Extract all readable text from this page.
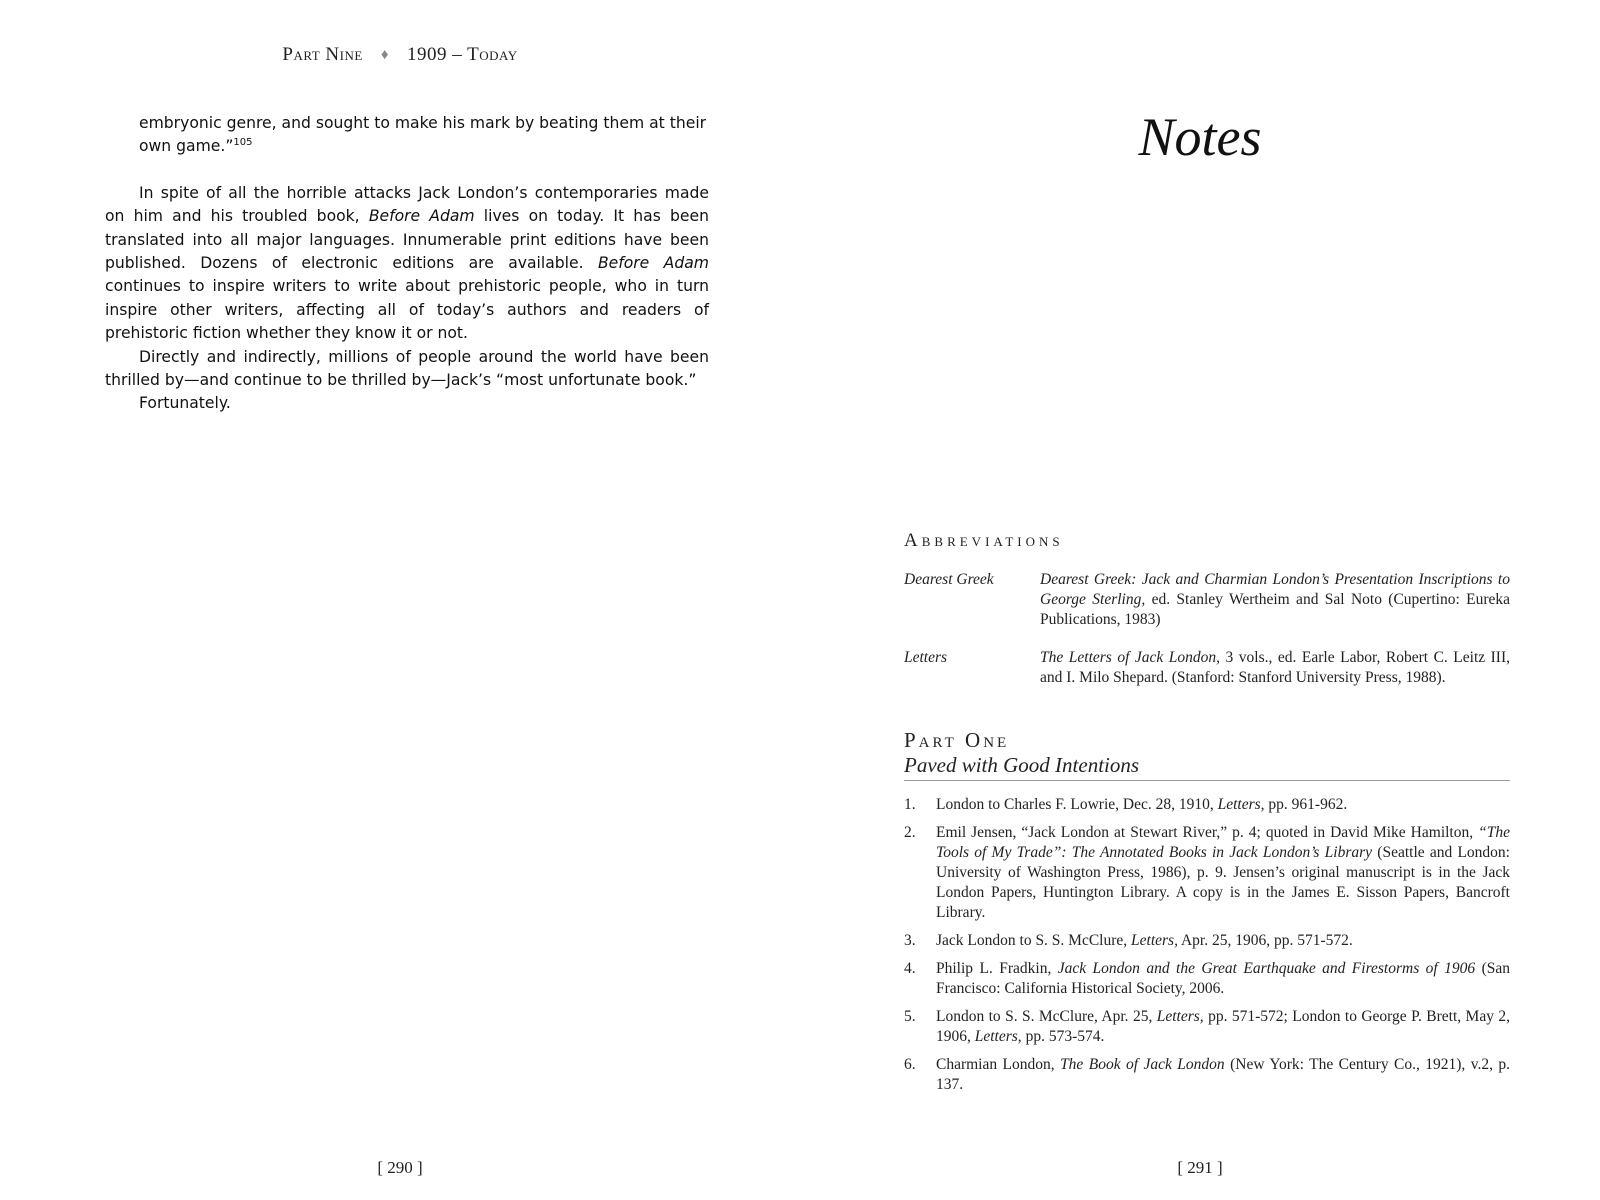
Part Nine ♦ 1909 – Today

embryonic genre, and sought to make his mark by beating them at their own game.”$^{105}$

In spite of all the horrible attacks Jack London’s contemporaries made on him and his troubled book, Before Adam lives on today. It has been translated into all major languages. Innumerable print editions have been published. Dozens of electronic editions are available. Before Adam continues to inspire writers to write about prehistoric people, who in turn inspire other writers, affecting all of today’s authors and readers of prehistoric fiction whether they know it or not.

Directly and indirectly, millions of people around the world have been thrilled by—and continue to be thrilled by—Jack’s “most unfortunate book.”

Fortunately.

[ 290 ]
Notes
Abbreviations
Dearest Greek	Dearest Greek: Jack and Charmian London’s Presentation Inscriptions to George Sterling, ed. Stanley Wertheim and Sal Noto (Cupertino: Eureka Publications, 1983)
Letters	The Letters of Jack London, 3 vols., ed. Earle Labor, Robert C. Leitz III, and I. Milo Shepard. (Stanford: Stanford University Press, 1988).
Part One
Paved with Good Intentions
1.	London to Charles F. Lowrie, Dec. 28, 1910, Letters, pp. 961-962.
2.	Emil Jensen, “Jack London at Stewart River,” p. 4; quoted in David Mike Hamilton, “The Tools of My Trade”: The Annotated Books in Jack London’s Library (Seattle and London: University of Washington Press, 1986), p. 9. Jensen’s original manuscript is in the Jack London Papers, Huntington Library. A copy is in the James E. Sisson Papers, Bancroft Library.
3.	Jack London to S. S. McClure, Letters, Apr. 25, 1906, pp. 571-572.
4.	Philip L. Fradkin, Jack London and the Great Earthquake and Firestorms of 1906 (San Francisco: California Historical Society, 2006.
5.	London to S. S. McClure, Apr. 25, Letters, pp. 571-572; London to George P. Brett, May 2, 1906, Letters, pp. 573-574.
6.	Charmian London, The Book of Jack London (New York: The Century Co., 1921), v.2, p. 137.
[ 291 ]
